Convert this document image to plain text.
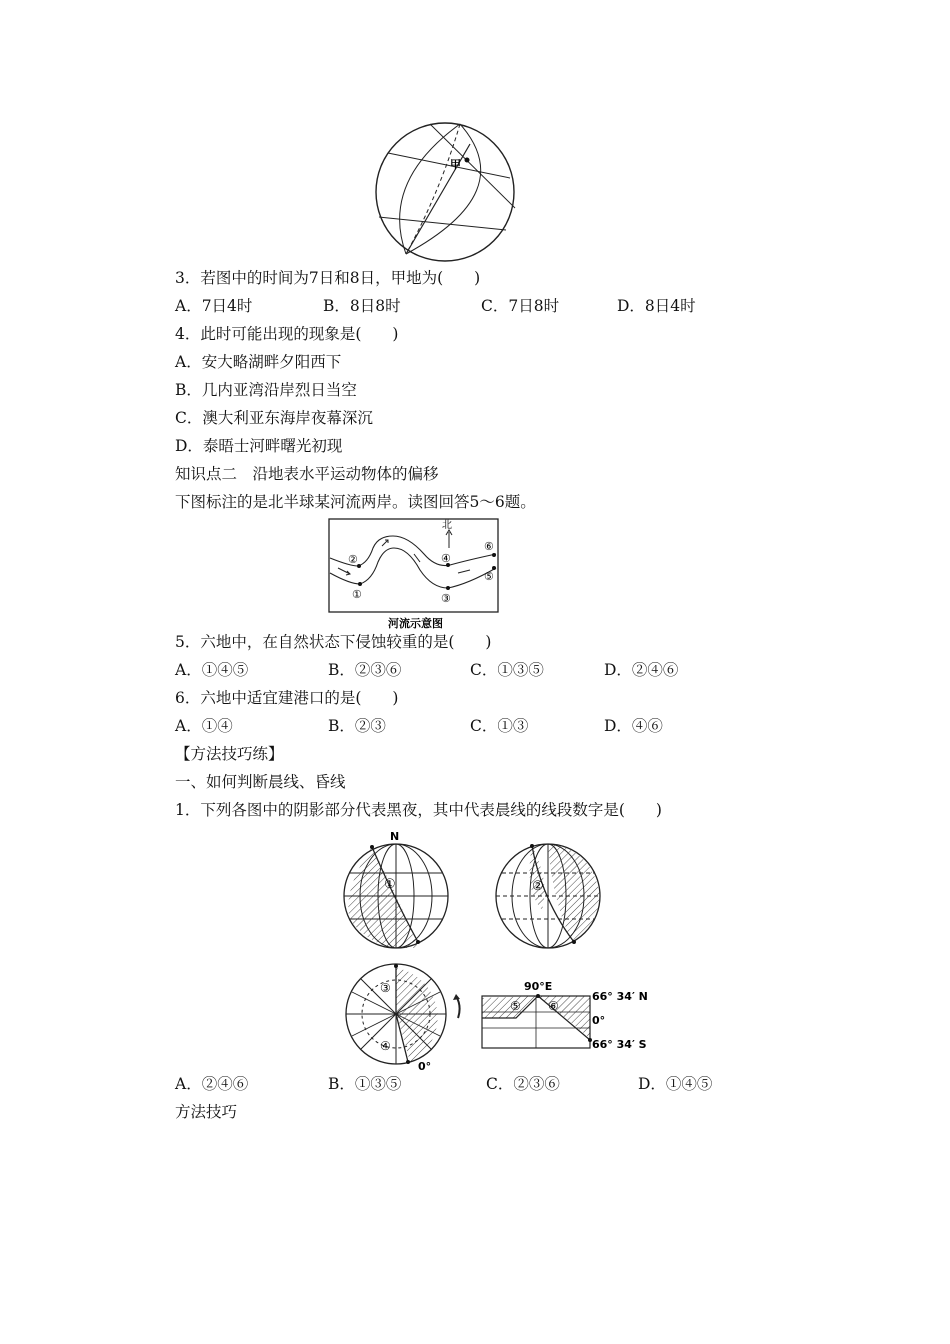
甲
3．若图中的时间为7日和8日，甲地为(　　)
A．7日4时	B．8日8时	C．7日8时	D．8日4时
4．此时可能出现的现象是(　　)
A．安大略湖畔夕阳西下
B．几内亚湾沿岸烈日当空
C．澳大利亚东海岸夜幕深沉
D．泰晤士河畔曙光初现
知识点二　沿地表水平运动物体的偏移
下图标注的是北半球某河流两岸。读图回答5～6题。
北
②
①
④
③
⑥
⑤
河流示意图
5．六地中，在自然状态下侵蚀较重的是(　　)
A．①④⑤	B．②③⑥	C．①③⑤	D．②④⑥
6．六地中适宜建港口的是(　　)
A．①④	B．②③	C．①③	D．④⑥
【方法技巧练】
一、如何判断晨线、昏线
1．下列各图中的阴影部分代表黑夜，其中代表晨线的线段数字是(　　)
N
①	②
③
④
0°
90°E
⑤ ⑥
66° 34′ N
0°
66° 34′ S
A．②④⑥	B．①③⑤	C．②③⑥	D．①④⑤
方法技巧
